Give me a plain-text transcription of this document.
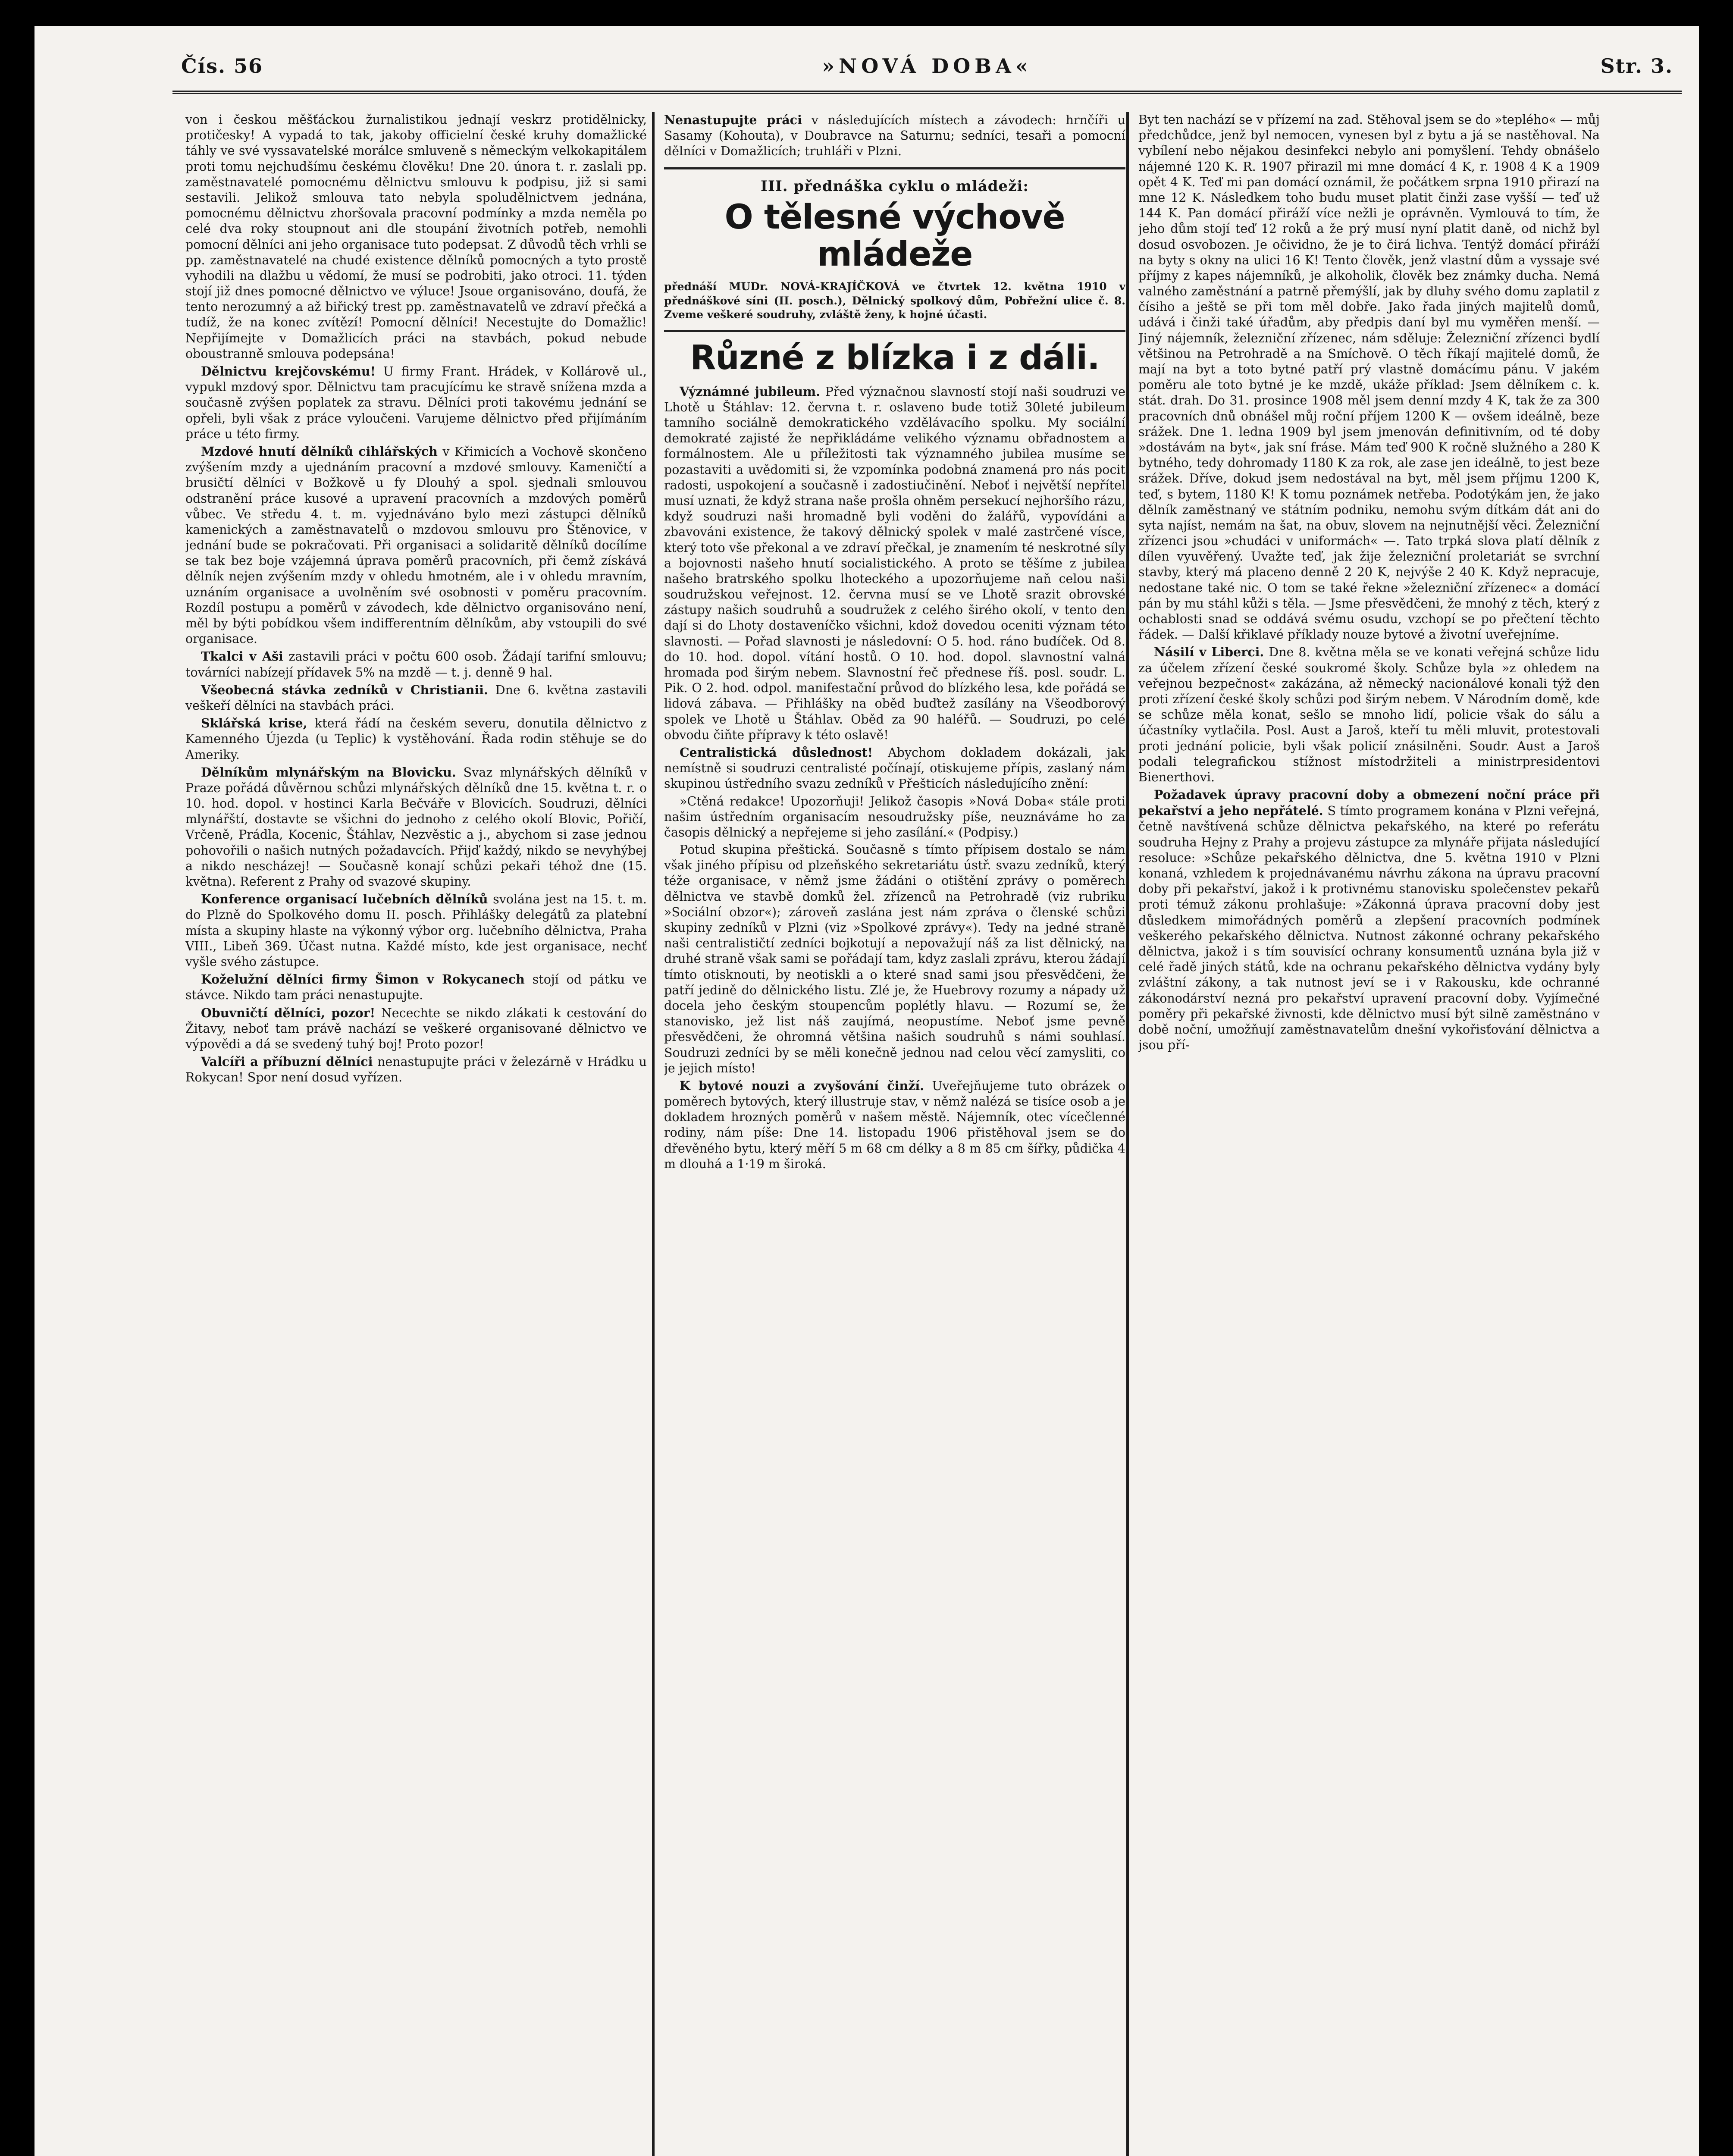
Čís. 56	»NOVÁ DOBA«	Str. 3.

von i českou měšťáckou žurnalistikou jednají veskrz protidělnicky, protičesky! A vypadá to tak, jakoby officielní české kruhy domažlické táhly ve své vyssavatelské morálce smluveně s německým velkokapitálem proti tomu nejchudšímu českému člověku! Dne 20. února t. r. zaslali pp. zaměstnavatelé pomocnému dělnictvu smlouvu k podpisu, již si sami sestavili. Jelikož smlouva tato nebyla spoludělnictvem jednána, pomocnému dělnictvu zhoršovala pracovní podmínky a mzda neměla po celé dva roky stoupnout ani dle stoupání životních potřeb, nemohli pomocní dělníci ani jeho organisace tuto podepsat. Z důvodů těch vrhli se pp. zaměstnavatelé na chudé existence dělníků pomocných a tyto prostě vyhodili na dlažbu u vědomí, že musí se podrobiti, jako otroci. 11. týden stojí již dnes pomocné dělnictvo ve výluce! Jsoue organisováno, doufá, že tento nerozumný a až biřický trest pp. zaměstnavatelů ve zdraví přečká a tudíž, že na konec zvítězí! Pomocní dělníci! Necestujte do Domažlic! Nepřijímejte v Domažlicích práci na stavbách, pokud nebude oboustranně smlouva podepsána!

Dělnictvu krejčovskému! U firmy Frant. Hrádek, v Kollárově ul., vypukl mzdový spor. Dělnictvu tam pracujícímu ke stravě snížena mzda a současně zvýšen poplatek za stravu. Dělníci proti takovému jednání se opřeli, byli však z práce vyloučeni. Varujeme dělnictvo před přijímáním práce u této firmy.

Mzdové hnutí dělníků cihlářských v Křimicích a Vochově skončeno zvýšením mzdy a ujednáním pracovní a mzdové smlouvy. Kameničtí a brusičtí dělníci v Božkově u fy Dlouhý a spol. sjednali smlouvou odstranění práce kusové a upravení pracovních a mzdových poměrů vůbec. Ve středu 4. t. m. vyjednáváno bylo mezi zástupci dělníků kamenických a zaměstnavatelů o mzdovou smlouvu pro Štěnovice, v jednání bude se pokračovati. Při organisaci a solidaritě dělníků docílíme se tak bez boje vzájemná úprava poměrů pracovních, při čemž získává dělník nejen zvýšením mzdy v ohledu hmotném, ale i v ohledu mravním, uznáním organisace a uvolněním své osobnosti v poměru pracovním. Rozdíl postupu a poměrů v závodech, kde dělnictvo organisováno není, měl by býti pobídkou všem indifferentním dělníkům, aby vstoupili do své organisace.

Tkalci v Aši zastavili práci v počtu 600 osob. Žádají tarifní smlouvu; továrníci nabízejí přídavek 5% na mzdě — t. j. denně 9 hal.

Všeobecná stávka zedníků v Christianii. Dne 6. května zastavili veškeří dělníci na stavbách práci.

Sklářská krise, která řádí na českém severu, donutila dělnictvo z Kamenného Újezda (u Teplic) k vystěhování. Řada rodin stěhuje se do Ameriky.

Dělníkům mlynářským na Blovicku. Svaz mlynářských dělníků v Praze pořádá důvěrnou schůzi mlynářských dělníků dne 15. května t. r. o 10. hod. dopol. v hostinci Karla Bečváře v Blovicích. Soudruzi, dělníci mlynářští, dostavte se všichni do jednoho z celého okolí Blovic, Pořičí, Vrčeně, Prádla, Kocenic, Štáhlav, Nezvěstic a j., abychom si zase jednou pohovořili o našich nutných požadavcích. Přijď každý, nikdo se nevyhýbej a nikdo nescházej! — Současně konají schůzi pekaři téhož dne (15. května). Referent z Prahy od svazové skupiny.

Konference organisací lučebních dělníků svolána jest na 15. t. m. do Plzně do Spolkového domu II. posch. Přihlášky delegátů za platební místa a skupiny hlaste na výkonný výbor org. lučebního dělnictva, Praha VIII., Libeň 369. Účast nutna. Každé místo, kde jest organisace, nechť vyšle svého zástupce.

Koželužní dělníci firmy Šimon v Rokycanech stojí od pátku ve stávce. Nikdo tam práci nenastupujte.

Obuvničtí dělníci, pozor! Necechte se nikdo zlákati k cestování do Žitavy, neboť tam právě nachází se veškeré organisované dělnictvo ve výpovědi a dá se svedený tuhý boj! Proto pozor!

Valcíři a příbuzní dělníci nenastupujte práci v železárně v Hrádku u Rokycan! Spor není dosud vyřízen.

Nenastupujte práci v následujících místech a závodech: hrnčíři u Sasamy (Kohouta), v Doubravce na Saturnu; sedníci, tesaři a pomocní dělníci v Domažlicích; truhláři v Plzni.

III. přednáška cyklu o mládeži:
O tělesné výchově mládeže

přednáší MUDr. NOVÁ-KRAJÍČKOVÁ ve čtvrtek 12. května 1910 v přednáškové síni (II. posch.), Dělnický spolkový dům, Pobřežní ulice č. 8. Zveme veškeré soudruhy, zvláště ženy, k hojné účasti.

Různé z blízka i z dáli.

Význámné jubileum. Před význačnou slavností stojí naši soudruzi ve Lhotě u Štáhlav: 12. června t. r. oslaveno bude totiž 30leté jubileum tamního sociálně demokratického vzdělávacího spolku. My sociální demokraté zajisté že nepřikládáme velikého významu obřadnostem a formálnostem. Ale u příležitosti tak významného jubilea musíme se pozastaviti a uvědomiti si, že vzpomínka podobná znamená pro nás pocit radosti, uspokojení a současně i zadostiučinění. Neboť i největší nepřítel musí uznati, že když strana naše prošla ohněm persekucí nejhoršího rázu, když soudruzi naši hromadně byli voděni do žalářů, vypovídáni a zbavováni existence, že takový dělnický spolek v malé zastrčené vísce, který toto vše překonal a ve zdraví přečkal, je znamením té neskrotné síly a bojovnosti našeho hnutí socialistického. A proto se těšíme z jubilea našeho bratrského spolku lhoteckého a upozorňujeme naň celou naši soudružskou veřejnost. 12. června musí se ve Lhotě srazit obrovské zástupy našich soudruhů a soudružek z celého širého okolí, v tento den dají si do Lhoty dostaveníčko všichni, kdož dovedou oceniti význam této slavnosti. — Pořad slavnosti je následovní: O 5. hod. ráno budíček. Od 8. do 10. hod. dopol. vítání hostů. O 10. hod. dopol. slavnostní valná hromada pod širým nebem. Slavnostní řeč přednese říš. posl. soudr. L. Pik. O 2. hod. odpol. manifestační průvod do blízkého lesa, kde pořádá se lidová zábava. — Přihlášky na oběd buďtež zasílány na Všeodborový spolek ve Lhotě u Štáhlav. Oběd za 90 haléřů. — Soudruzi, po celé obvodu čiňte přípravy k této oslavě!

Centralistická důslednost! Abychom dokladem dokázali, jak nemístně si soudruzi centralisté počínají, otiskujeme přípis, zaslaný nám skupinou ústředního svazu zedníků v Přešticích následujícího znění:

»Ctěná redakce! Upozorňuji! Jelikož časopis »Nová Doba« stále proti našim ústředním organisacím nesoudružsky píše, neuznáváme ho za časopis dělnický a nepřejeme si jeho zasílání.« (Podpisy.)

Potud skupina přeštická. Současně s tímto přípisem dostalo se nám však jiného přípisu od plzeňského sekretariátu ústř. svazu zedníků, který téže organisace, v němž jsme žádáni o otištění zprávy o poměrech dělnictva ve stavbě domků žel. zřízenců na Petrohradě (viz rubriku »Sociální obzor«); zároveň zaslána jest nám zpráva o členské schůzi skupiny zedníků v Plzni (viz »Spolkové zprávy«). Tedy na jedné straně naši centralističtí zedníci bojkotují a nepovažují náš za list dělnický, na druhé straně však sami se pořádají tam, kdyz zaslali zprávu, kterou žádají tímto otisknouti, by neotiskli a o které snad sami jsou přesvědčeni, že patří jedině do dělnického listu. Zlé je, že Huebrovy rozumy a nápady už docela jeho českým stoupencům poplétly hlavu. — Rozumí se, že stanovisko, jež list náš zaujímá, neopustíme. Neboť jsme pevně přesvědčeni, že ohromná většina našich soudruhů s námi souhlasí. Soudruzi zedníci by se měli konečně jednou nad celou věcí zamysliti, co je jejich místo!

K bytové nouzi a zvyšování činží. Uveřejňujeme tuto obrázek o poměrech bytových, který illustruje stav, v němž nalézá se tisíce osob a je dokladem hrozných poměrů v našem městě. Nájemník, otec vícečlenné rodiny, nám píše: Dne 14. listopadu 1906 přistěhoval jsem se do dřevěného bytu, který měří 5 m 68 cm délky a 8 m 85 cm šířky, půdička 4 m dlouhá a 1·19 m široká.

Byt ten nachází se v přízemí na zad. Stěhoval jsem se do »teplého« — můj předchůdce, jenž byl nemocen, vynesen byl z bytu a já se nastěhoval. Na vybílení nebo nějakou desinfekci nebylo ani pomyšlení. Tehdy obnášelo nájemné 120 K. R. 1907 přirazil mi mne domácí 4 K, r. 1908 4 K a 1909 opět 4 K. Teď mi pan domácí oznámil, že počátkem srpna 1910 přirazí na mne 12 K. Následkem toho budu muset platit činži zase vyšší — teď už 144 K. Pan domácí přiráží více nežli je oprávněn. Vymlouvá to tím, že jeho dům stojí teď 12 roků a že prý musí nyní platit daně, od nichž byl dosud osvobozen. Je očividno, že je to čirá lichva. Tentýž domácí přiráží na byty s okny na ulici 16 K! Tento člověk, jenž vlastní dům a vyssaje své příjmy z kapes nájemníků, je alkoholik, člověk bez známky ducha. Nemá valného zaměstnání a patrně přemýšlí, jak by dluhy svého domu zaplatil z čísiho a ještě se při tom měl dobře. Jako řada jiných majitelů domů, udává i činži také úřadům, aby předpis daní byl mu vyměřen menší. — Jiný nájemník, železniční zřízenec, nám sděluje: Železniční zřízenci bydlí většinou na Petrohradě a na Smíchově. O těch říkají majitelé domů, že mají na byt a toto bytné patří prý vlastně domácímu pánu. V jakém poměru ale toto bytné je ke mzdě, ukáže příklad: Jsem dělníkem c. k. stát. drah. Do 31. prosince 1908 měl jsem denní mzdy 4 K, tak že za 300 pracovních dnů obnášel můj roční příjem 1200 K — ovšem ideálně, beze srážek. Dne 1. ledna 1909 byl jsem jmenován definitivním, od té doby »dostávám na byt«, jak sní fráse. Mám teď 900 K ročně služného a 280 K bytného, tedy dohromady 1180 K za rok, ale zase jen ideálně, to jest beze srážek. Dříve, dokud jsem nedostával na byt, měl jsem příjmu 1200 K, teď, s bytem, 1180 K! K tomu poznámek netřeba. Podotýkám jen, že jako dělník zaměstnaný ve státním podniku, nemohu svým dítkám dát ani do syta najíst, nemám na šat, na obuv, slovem na nejnutnější věci. Železniční zřízenci jsou »chudáci v uniformách« —. Tato trpká slova platí dělník z dílen vyuvěřený. Uvažte teď, jak žije železniční proletariát se svrchní stavby, který má placeno denně 2 20 K, nejvýše 2 40 K. Když nepracuje, nedostane také nic. O tom se také řekne »železniční zřízenec« a domácí pán by mu stáhl kůži s těla. — Jsme přesvědčeni, že mnohý z těch, který z ochablosti snad se oddává svému osudu, vzchopí se po přečtení těchto řádek. — Další křiklavé příklady nouze bytové a životní uveřejníme.

Násilí v Liberci. Dne 8. května měla se ve konati veřejná schůze lidu za účelem zřízení české soukromé školy. Schůze byla »z ohledem na veřejnou bezpečnost« zakázána, až německý nacionálové konali týž den proti zřízení české školy schůzi pod širým nebem. V Národním domě, kde se schůze měla konat, sešlo se mnoho lidí, policie však do sálu a účastníky vytlačila. Posl. Aust a Jaroš, kteří tu měli mluvit, protestovali proti jednání policie, byli však policií znásilněni. Soudr. Aust a Jaroš podali telegrafickou stížnost místodržiteli a ministrpresidentovi Bienerthovi.

Požadavek úpravy pracovní doby a obmezení noční práce při pekařství a jeho nepřátelé. S tímto programem konána v Plzni veřejná, četně navštívená schůze dělnictva pekařského, na které po referátu soudruha Hejny z Prahy a projevu zástupce za mlynáře přijata následující resoluce: »Schůze pekařského dělnictva, dne 5. května 1910 v Plzni konaná, vzhledem k projednávanému návrhu zákona na úpravu pracovní doby při pekařství, jakož i k protivnému stanovisku společenstev pekařů proti témuž zákonu prohlašuje: »Zákonná úprava pracovní doby jest důsledkem mimořádných poměrů a zlepšení pracovních podmínek veškerého pekařského dělnictva. Nutnost zákonné ochrany pekařského dělnictva, jakož i s tím souvisící ochrany konsumentů uznána byla již v celé řadě jiných států, kde na ochranu pekařského dělnictva vydány byly zvláštní zákony, a tak nutnost jeví se i v Rakousku, kde ochranné zákonodárství nezná pro pekařství upravení pracovní doby. Vyjímečné poměry při pekařské živnosti, kde dělnictvo musí být silně zaměstnáno v době noční, umožňují zaměstnavatelům dnešní vykořisťování dělnictva a jsou pří-
